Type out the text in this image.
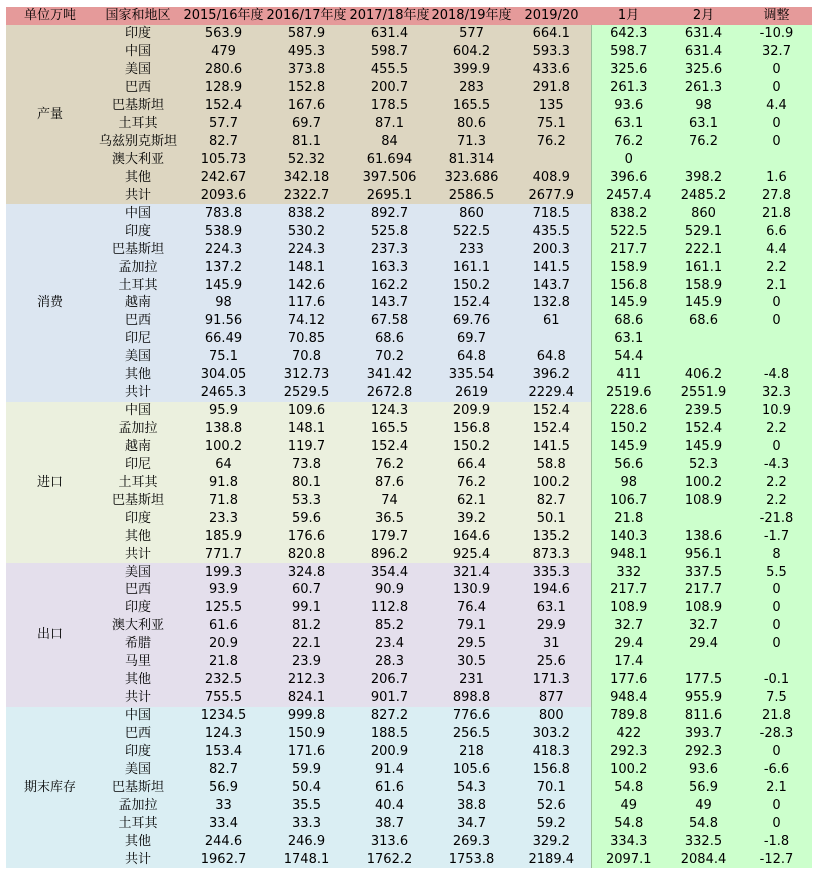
单位万吨	国家和地区	2015/16年度	2016/17年度	2017/18年度	2018/19年度	2019/20	1月	2月	调整
产量	印度	563.9	587.9	631.4	577	664.1	642.3	631.4	-10.9
	中国	479	495.3	598.7	604.2	593.3	598.7	631.4	32.7
	美国	280.6	373.8	455.5	399.9	433.6	325.6	325.6	0
	巴西	128.9	152.8	200.7	283	291.8	261.3	261.3	0
	巴基斯坦	152.4	167.6	178.5	165.5	135	93.6	98	4.4
	土耳其	57.7	69.7	87.1	80.6	75.1	63.1	63.1	0
	乌兹别克斯坦	82.7	81.1	84	71.3	76.2	76.2	76.2	0
	澳大利亚	105.73	52.32	61.694	81.314		0		
	其他	242.67	342.18	397.506	323.686	408.9	396.6	398.2	1.6
	共计	2093.6	2322.7	2695.1	2586.5	2677.9	2457.4	2485.2	27.8
消费	中国	783.8	838.2	892.7	860	718.5	838.2	860	21.8
	印度	538.9	530.2	525.8	522.5	435.5	522.5	529.1	6.6
	巴基斯坦	224.3	224.3	237.3	233	200.3	217.7	222.1	4.4
	孟加拉	137.2	148.1	163.3	161.1	141.5	158.9	161.1	2.2
	土耳其	145.9	142.6	162.2	150.2	143.7	156.8	158.9	2.1
	越南	98	117.6	143.7	152.4	132.8	145.9	145.9	0
	巴西	91.56	74.12	67.58	69.76	61	68.6	68.6	0
	印尼	66.49	70.85	68.6	69.7		63.1		
	美国	75.1	70.8	70.2	64.8	64.8	54.4		
	其他	304.05	312.73	341.42	335.54	396.2	411	406.2	-4.8
	共计	2465.3	2529.5	2672.8	2619	2229.4	2519.6	2551.9	32.3
进口	中国	95.9	109.6	124.3	209.9	152.4	228.6	239.5	10.9
	孟加拉	138.8	148.1	165.5	156.8	152.4	150.2	152.4	2.2
	越南	100.2	119.7	152.4	150.2	141.5	145.9	145.9	0
	印尼	64	73.8	76.2	66.4	58.8	56.6	52.3	-4.3
	土耳其	91.8	80.1	87.6	76.2	100.2	98	100.2	2.2
	巴基斯坦	71.8	53.3	74	62.1	82.7	106.7	108.9	2.2
	印度	23.3	59.6	36.5	39.2	50.1	21.8		-21.8
	其他	185.9	176.6	179.7	164.6	135.2	140.3	138.6	-1.7
	共计	771.7	820.8	896.2	925.4	873.3	948.1	956.1	8
出口	美国	199.3	324.8	354.4	321.4	335.3	332	337.5	5.5
	巴西	93.9	60.7	90.9	130.9	194.6	217.7	217.7	0
	印度	125.5	99.1	112.8	76.4	63.1	108.9	108.9	0
	澳大利亚	61.6	81.2	85.2	79.1	29.9	32.7	32.7	0
	希腊	20.9	22.1	23.4	29.5	31	29.4	29.4	0
	马里	21.8	23.9	28.3	30.5	25.6	17.4		
	其他	232.5	212.3	206.7	231	171.3	177.6	177.5	-0.1
	共计	755.5	824.1	901.7	898.8	877	948.4	955.9	7.5
期末库存	中国	1234.5	999.8	827.2	776.6	800	789.8	811.6	21.8
	巴西	124.3	150.9	188.5	256.5	303.2	422	393.7	-28.3
	印度	153.4	171.6	200.9	218	418.3	292.3	292.3	0
	美国	82.7	59.9	91.4	105.6	156.8	100.2	93.6	-6.6
	巴基斯坦	56.9	50.4	61.6	54.3	70.1	54.8	56.9	2.1
	孟加拉	33	35.5	40.4	38.8	52.6	49	49	0
	土耳其	33.4	33.3	38.7	34.7	59.2	54.8	54.8	0
	其他	244.6	246.9	313.6	269.3	329.2	334.3	332.5	-1.8
	共计	1962.7	1748.1	1762.2	1753.8	2189.4	2097.1	2084.4	-12.7
